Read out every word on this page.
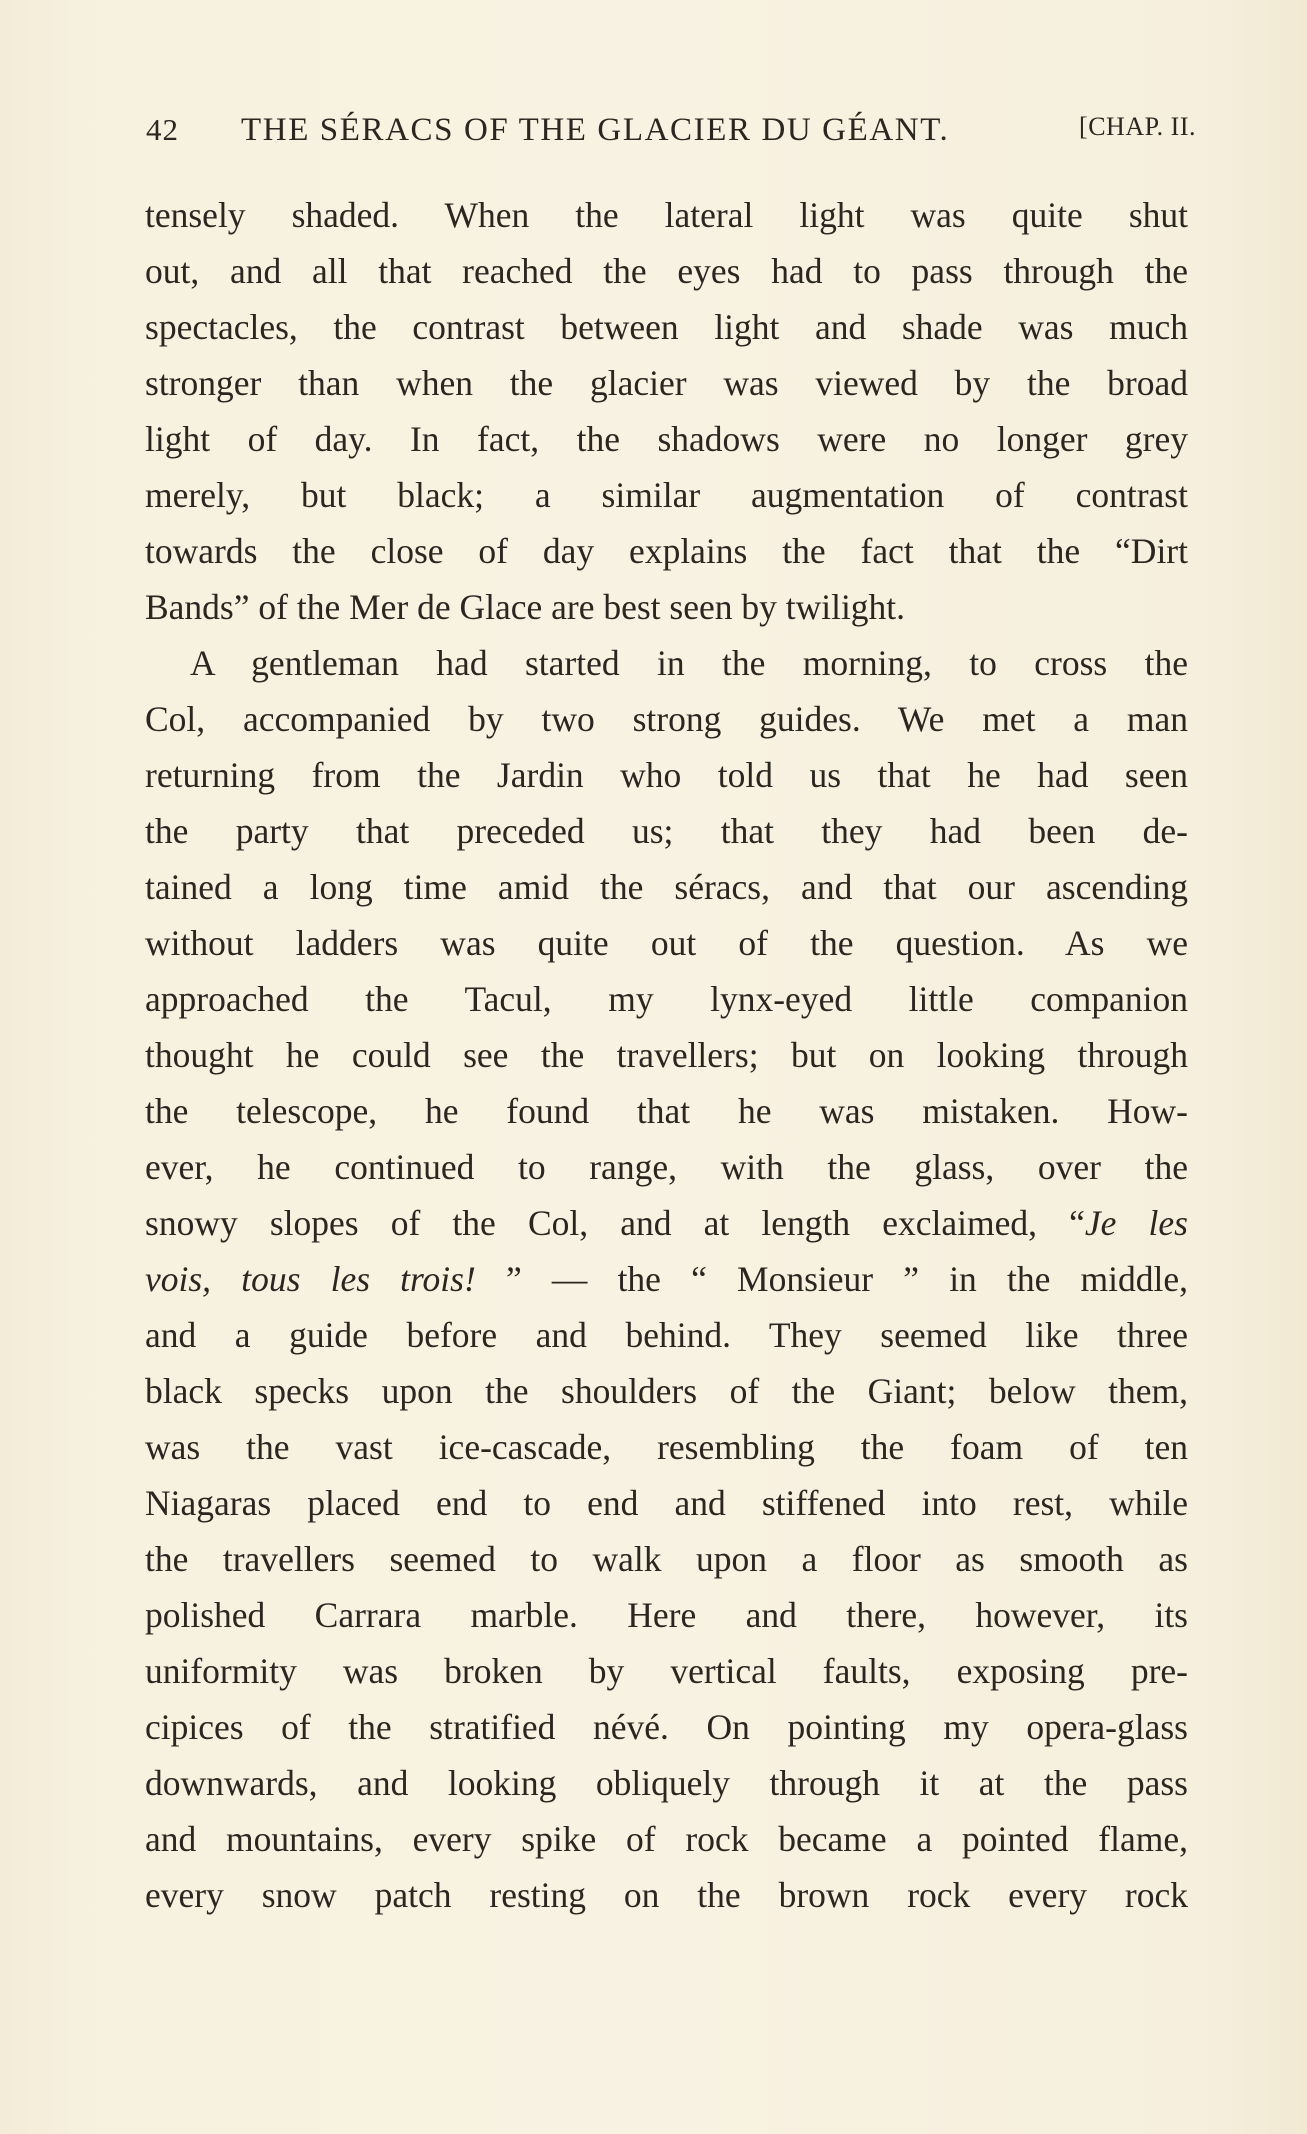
42 THE SÉRACS OF THE GLACIER DU GÉANT.	[CHAP. II.
tensely shaded. When the lateral light was quite shut
out, and all that reached the eyes had to pass through the
spectacles, the contrast between light and shade was much
stronger than when the glacier was viewed by the broad
light of day. In fact, the shadows were no longer grey
merely, but black; a similar augmentation of contrast
towards the close of day explains the fact that the “Dirt
Bands” of the Mer de Glace are best seen by twilight.
A gentleman had started in the morning, to cross the
Col, accompanied by two strong guides. We met a man
returning from the Jardin who told us that he had seen
the party that preceded us; that they had been de-
tained a long time amid the séracs, and that our ascending
without ladders was quite out of the question. As we
approached the Tacul, my lynx-eyed little companion
thought he could see the travellers; but on looking through
the telescope, he found that he was mistaken. How-
ever, he continued to range, with the glass, over the
snowy slopes of the Col, and at length exclaimed, “Je les
vois, tous les trois! ” — the “ Monsieur ” in the middle,
and a guide before and behind. They seemed like three
black specks upon the shoulders of the Giant; below them,
was the vast ice-cascade, resembling the foam of ten
Niagaras placed end to end and stiffened into rest, while
the travellers seemed to walk upon a floor as smooth as
polished Carrara marble. Here and there, however, its
uniformity was broken by vertical faults, exposing pre-
cipices of the stratified névé. On pointing my opera-glass
downwards, and looking obliquely through it at the pass
and mountains, every spike of rock became a pointed flame,
every snow patch resting on the brown rock every rock
